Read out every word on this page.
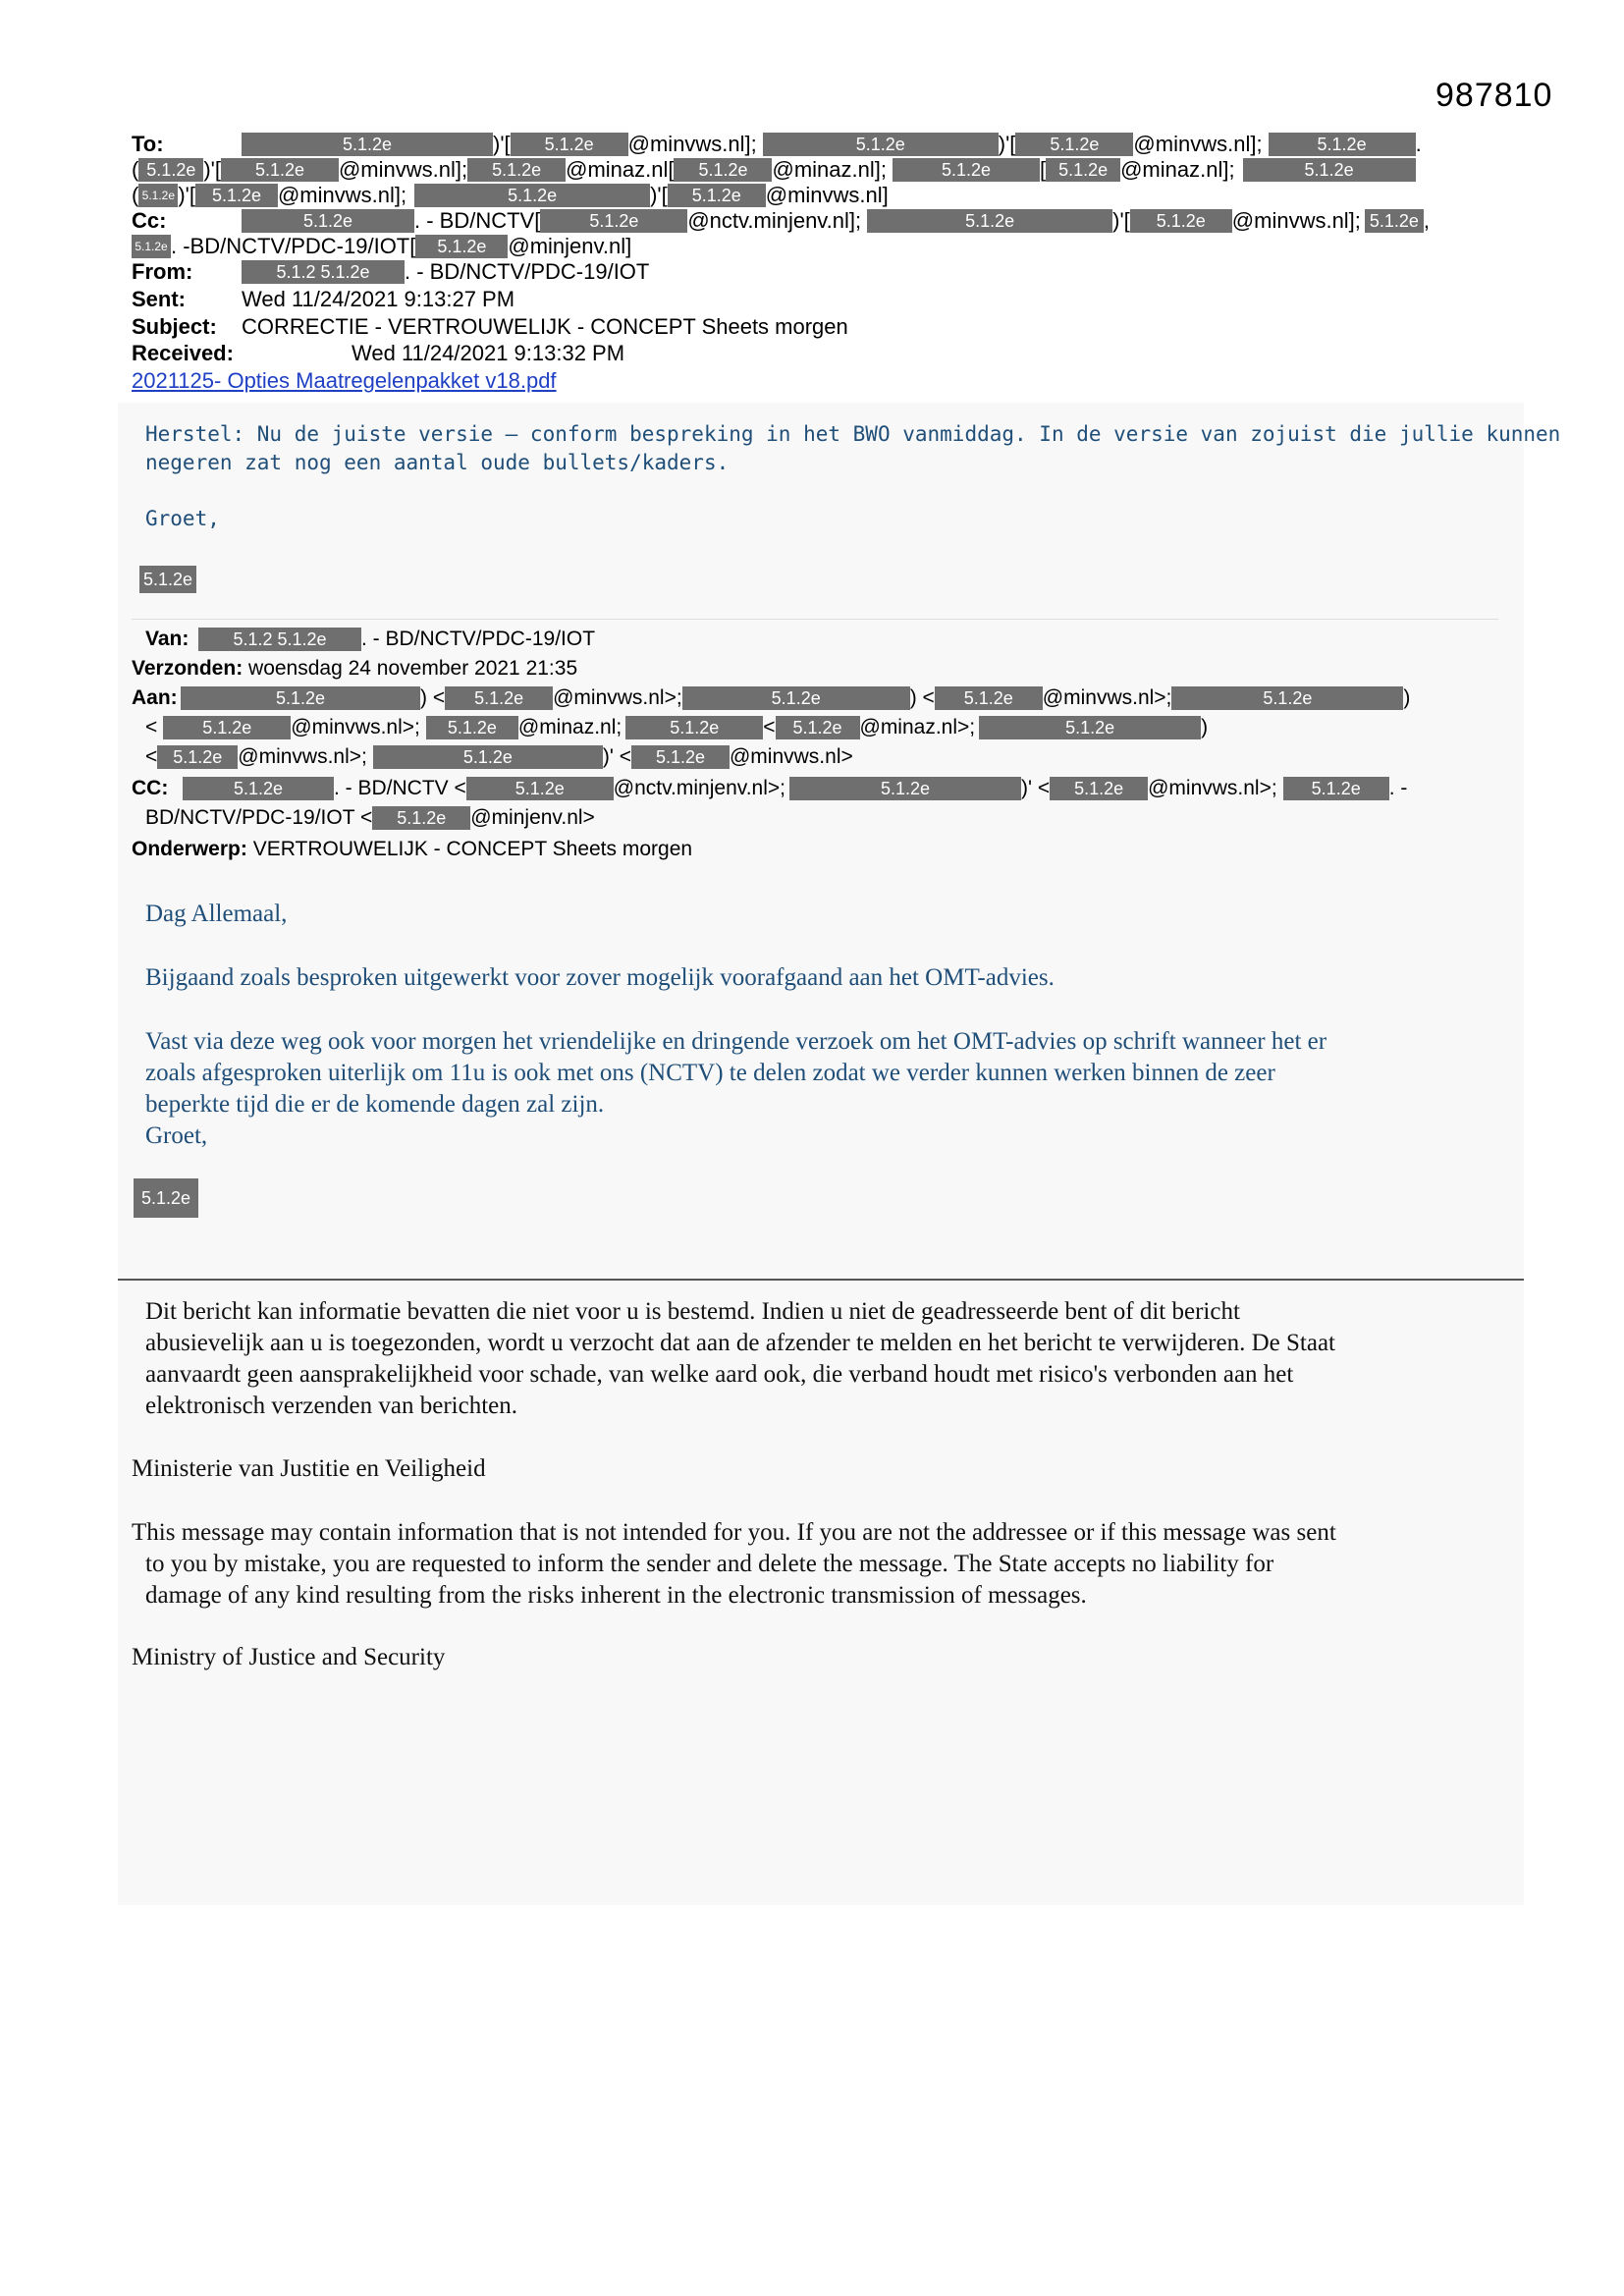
987810
To:	5.1.2e	)'[	5.1.2e	@minvws.nl];	5.1.2e	)'[	5.1.2e	@minvws.nl];	5.1.2e	.
( 5.1.2e )'[	5.1.2e	@minvws.nl];	5.1.2e	@minaz.nl[	5.1.2e	@minaz.nl];	5.1.2e	[ 5.1.2e @minaz.nl];	5.1.2e
( 5.1.2e )'[ 5.1.2e @minvws.nl];	5.1.2e	)'[	5.1.2e	@minvws.nl]
Cc:	5.1.2e	. - BD/NCTV[	5.1.2e	@nctv.minjenv.nl];	5.1.2e	)'[	5.1.2e	@minvws.nl]; 5.1.2e ,
5.1.2e . -BD/NCTV/PDC-19/IOT[	5.1.2e @minjenv.nl]
From:	5.1.2 5.1.2e	. - BD/NCTV/PDC-19/IOT
Sent:	Wed 11/24/2021 9:13:27 PM
Subject:	CORRECTIE - VERTROUWELIJK - CONCEPT Sheets morgen
Received:	Wed 11/24/2021 9:13:32 PM
2021125- Opties Maatregelenpakket v18.pdf
Herstel: Nu de juiste versie – conform bespreking in het BWO vanmiddag. In de versie van zojuist die jullie kunnen
negeren zat nog een aantal oude bullets/kaders.
Groet,
5.1.2e
Van:	5.1.2 5.1.2e	. - BD/NCTV/PDC-19/IOT
Verzonden:
woensdag 24 november 2021 21:35
Aan:	5.1.2e	) <	5.1.2e	@minvws.nl>;	5.1.2e	) <	5.1.2e	@minvws.nl>;	5.1.2e	)
<	5.1.2e	@minvws.nl>;	5.1.2e	@minaz.nl;	5.1.2e	< 5.1.2e @minaz.nl>;	5.1.2e	)
< 5.1.2e @minvws.nl>;	5.1.2e	)' <	5.1.2e	@minvws.nl>
CC:	5.1.2e	. - BD/NCTV <	5.1.2e	@nctv.minjenv.nl>;	5.1.2e	)' <	5.1.2e	@minvws.nl>;	5.1.2e	. -
BD/NCTV/PDC-19/IOT <	5.1.2e	@minjenv.nl>
Onderwerp:
VERTROUWELIJK - CONCEPT Sheets morgen
Dag Allemaal,
Bijgaand zoals besproken uitgewerkt voor zover mogelijk voorafgaand aan het OMT-advies.
Vast via deze weg ook voor morgen het vriendelijke en dringende verzoek om het OMT-advies op schrift wanneer het er
zoals afgesproken uiterlijk om 11u is ook met ons (NCTV) te delen zodat we verder kunnen werken binnen de zeer
beperkte tijd die er de komende dagen zal zijn.
Groet,
5.1.2e
Dit bericht kan informatie bevatten die niet voor u is bestemd. Indien u niet de geadresseerde bent of dit bericht
abusievelijk aan u is toegezonden, wordt u verzocht dat aan de afzender te melden en het bericht te verwijderen. De Staat
aanvaardt geen aansprakelijkheid voor schade, van welke aard ook, die verband houdt met risico's verbonden aan het
elektronisch verzenden van berichten.
Ministerie van Justitie en Veiligheid
This message may contain information that is not intended for you. If you are not the addressee or if this message was sent
to you by mistake, you are requested to inform the sender and delete the message. The State accepts no liability for
damage of any kind resulting from the risks inherent in the electronic transmission of messages.
Ministry of Justice and Security
